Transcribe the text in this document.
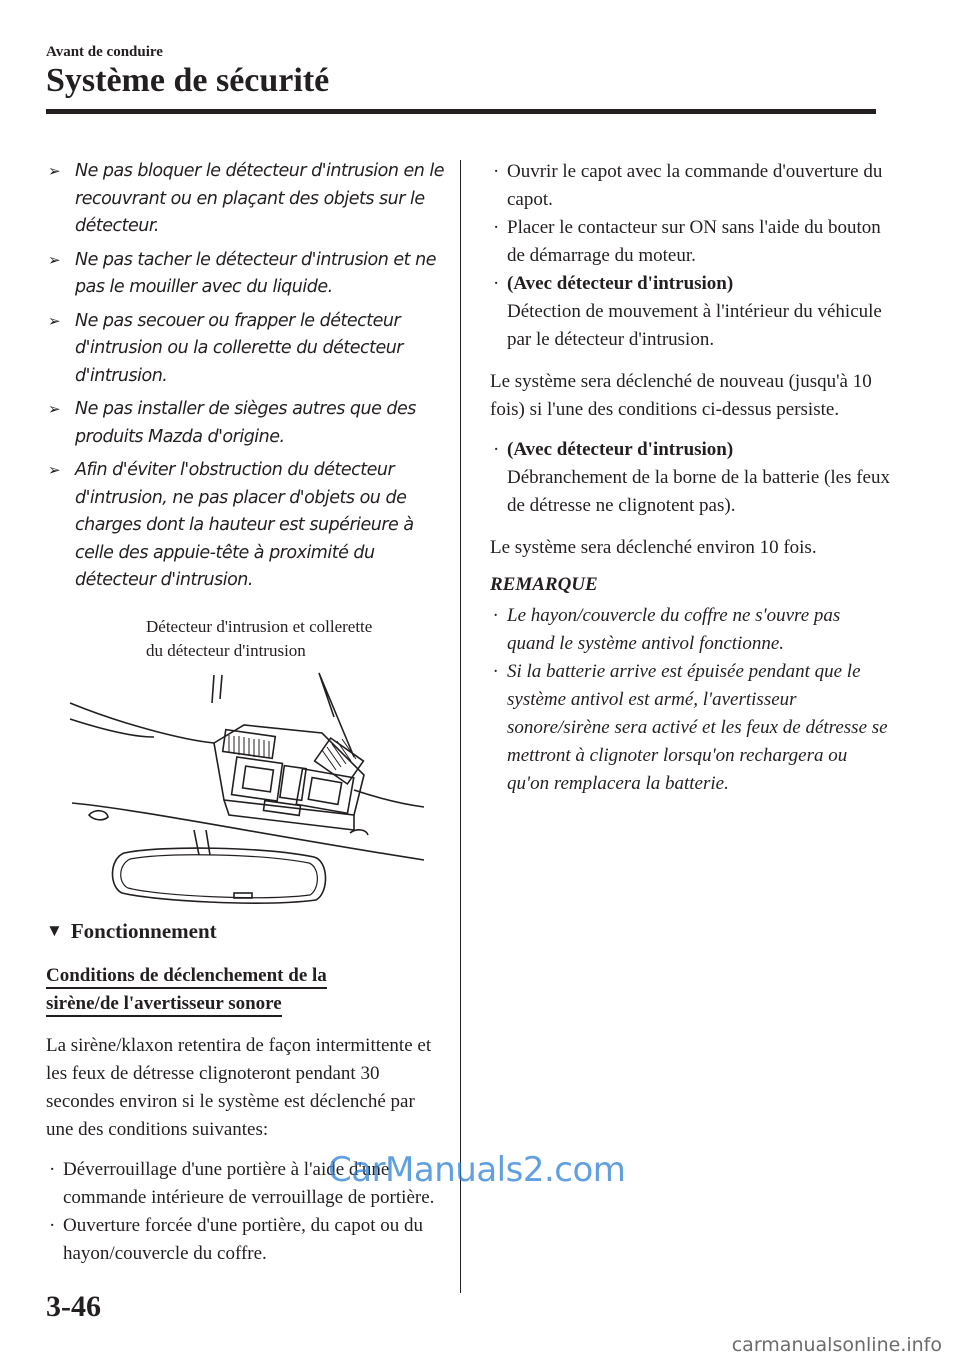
Avant de conduire
Système de sécurité
➢ Ne pas bloquer le détecteur d'intrusion en le recouvrant ou en plaçant des objets sur le détecteur.
➢ Ne pas tacher le détecteur d'intrusion et ne pas le mouiller avec du liquide.
➢ Ne pas secouer ou frapper le détecteur d'intrusion ou la collerette du détecteur d'intrusion.
➢ Ne pas installer de sièges autres que des produits Mazda d'origine.
➢ Afin d'éviter l'obstruction du détecteur d'intrusion, ne pas placer d'objets ou de charges dont la hauteur est supérieure à celle des appuie-tête à proximité du détecteur d'intrusion.
Détecteur d'intrusion et collerette
du détecteur d'intrusion
▼ Fonctionnement
Conditions de déclenchement de la
sirène/de l'avertisseur sonore
La sirène/klaxon retentira de façon intermittente et les feux de détresse clignoteront pendant 30 secondes environ si le système est déclenché par une des conditions suivantes:
· Déverrouillage d'une portière à l'aide d'une commande intérieure de verrouillage de portière.
· Ouverture forcée d'une portière, du capot ou du hayon/couvercle du coffre.
· Ouvrir le capot avec la commande d'ouverture du capot.
· Placer le contacteur sur ON sans l'aide du bouton de démarrage du moteur.
· (Avec détecteur d'intrusion)
Détection de mouvement à l'intérieur du véhicule par le détecteur d'intrusion.
Le système sera déclenché de nouveau (jusqu'à 10 fois) si l'une des conditions ci-dessus persiste.
· (Avec détecteur d'intrusion)
Débranchement de la borne de la batterie (les feux de détresse ne clignotent pas).
Le système sera déclenché environ 10 fois.
REMARQUE
· Le hayon/couvercle du coffre ne s'ouvre pas quand le système antivol fonctionne.
· Si la batterie arrive est épuisée pendant que le système antivol est armé, l'avertisseur sonore/sirène sera activé et les feux de détresse se mettront à clignoter lorsqu'on rechargera ou qu'on remplacera la batterie.
3-46
CarManuals2.com
carmanualsonline.info
